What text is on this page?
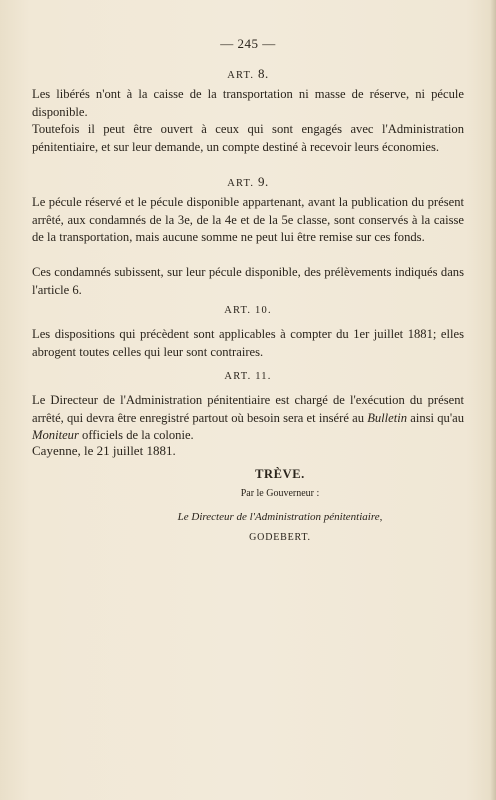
— 245 —
ART. 8.
Les libérés n'ont à la caisse de la transportation ni masse de réserve, ni pécule disponible.
Toutefois il peut être ouvert à ceux qui sont engagés avec l'Administration pénitentiaire, et sur leur demande, un compte destiné à recevoir leurs économies.
ART. 9.
Le pécule réservé et le pécule disponible appartenant, avant la publication du présent arrêté, aux condamnés de la 3e, de la 4e et de la 5e classe, sont conservés à la caisse de la transportation, mais aucune somme ne peut lui être remise sur ces fonds.
Ces condamnés subissent, sur leur pécule disponible, des prélèvements indiqués dans l'article 6.
ART. 10.
Les dispositions qui précèdent sont applicables à compter du 1er juillet 1881; elles abrogent toutes celles qui leur sont contraires.
ART. 11.
Le Directeur de l'Administration pénitentiaire est chargé de l'exécution du présent arrêté, qui devra être enregistré partout où besoin sera et inséré au Bulletin ainsi qu'au Moniteur officiels de la colonie.
Cayenne, le 21 juillet 1881.
TRÈVE.
Par le Gouverneur :
Le Directeur de l'Administration pénitentiaire,
GODEBERT.
